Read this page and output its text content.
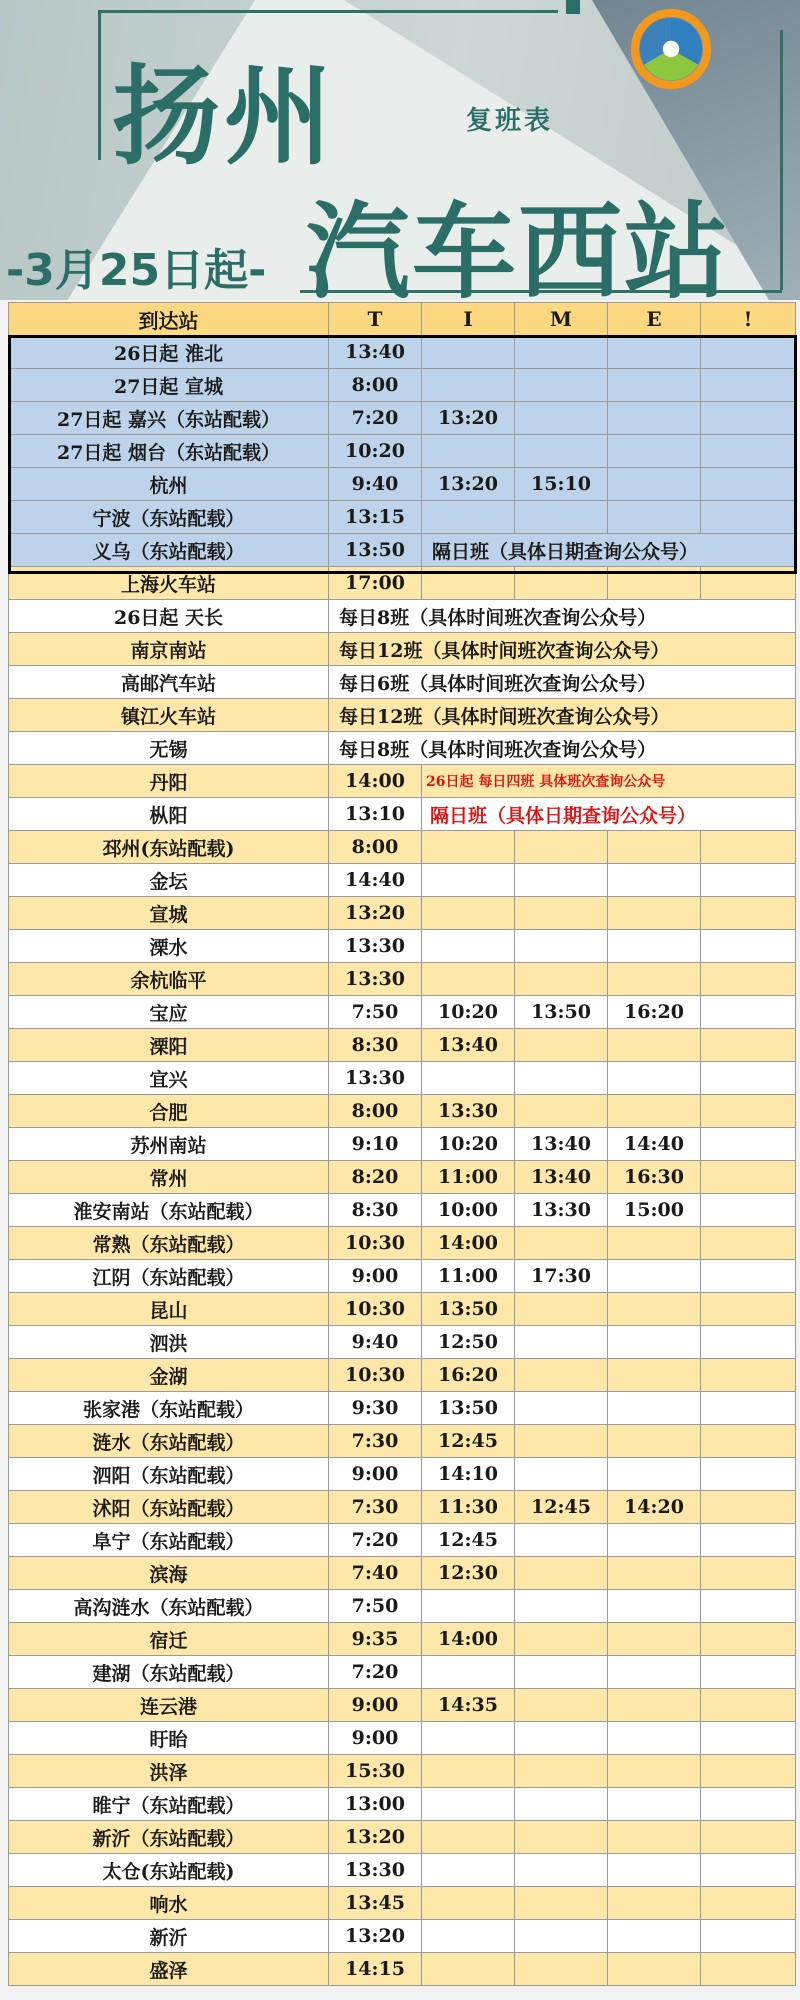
扬州	复班表
汽车西站
-3月25日起-
到达站	T	I	M	E	!
26日起 淮北	13:40				
27日起 宣城	8:00				
27日起 嘉兴（东站配载）	7:20	13:20			
27日起 烟台（东站配载）	10:20				
杭州	9:40	13:20	15:10		
宁波（东站配载）	13:15				
义乌（东站配载）	13:50	隔日班（具体日期查询公众号）			
上海火车站	17:00				
26日起 天长	每日8班（具体时间班次查询公众号）				
南京南站	每日12班（具体时间班次查询公众号）				
高邮汽车站	每日6班（具体时间班次查询公众号）				
镇江火车站	每日12班（具体时间班次查询公众号）				
无锡	每日8班（具体时间班次查询公众号）				
丹阳	14:00	26日起 每日四班 具体班次查询公众号			
枞阳	13:10	隔日班（具体日期查询公众号）			
邳州(东站配载)	8:00				
金坛	14:40				
宣城	13:20				
溧水	13:30				
余杭临平	13:30				
宝应	7:50	10:20	13:50	16:20	
溧阳	8:30	13:40			
宜兴	13:30				
合肥	8:00	13:30			
苏州南站	9:10	10:20	13:40	14:40	
常州	8:20	11:00	13:40	16:30	
淮安南站（东站配载）	8:30	10:00	13:30	15:00	
常熟（东站配载）	10:30	14:00			
江阴（东站配载）	9:00	11:00	17:30		
昆山	10:30	13:50			
泗洪	9:40	12:50			
金湖	10:30	16:20			
张家港（东站配载）	9:30	13:50			
涟水（东站配载）	7:30	12:45			
泗阳（东站配载）	9:00	14:10			
沭阳（东站配载）	7:30	11:30	12:45	14:20	
阜宁（东站配载）	7:20	12:45			
滨海	7:40	12:30			
高沟涟水（东站配载）	7:50				
宿迁	9:35	14:00			
建湖（东站配载）	7:20				
连云港	9:00	14:35			
盱眙	9:00				
洪泽	15:30				
睢宁（东站配载）	13:00				
新沂（东站配载）	13:20				
太仓(东站配载)	13:30				
响水	13:45				
新沂	13:20				
盛泽	14:15				
